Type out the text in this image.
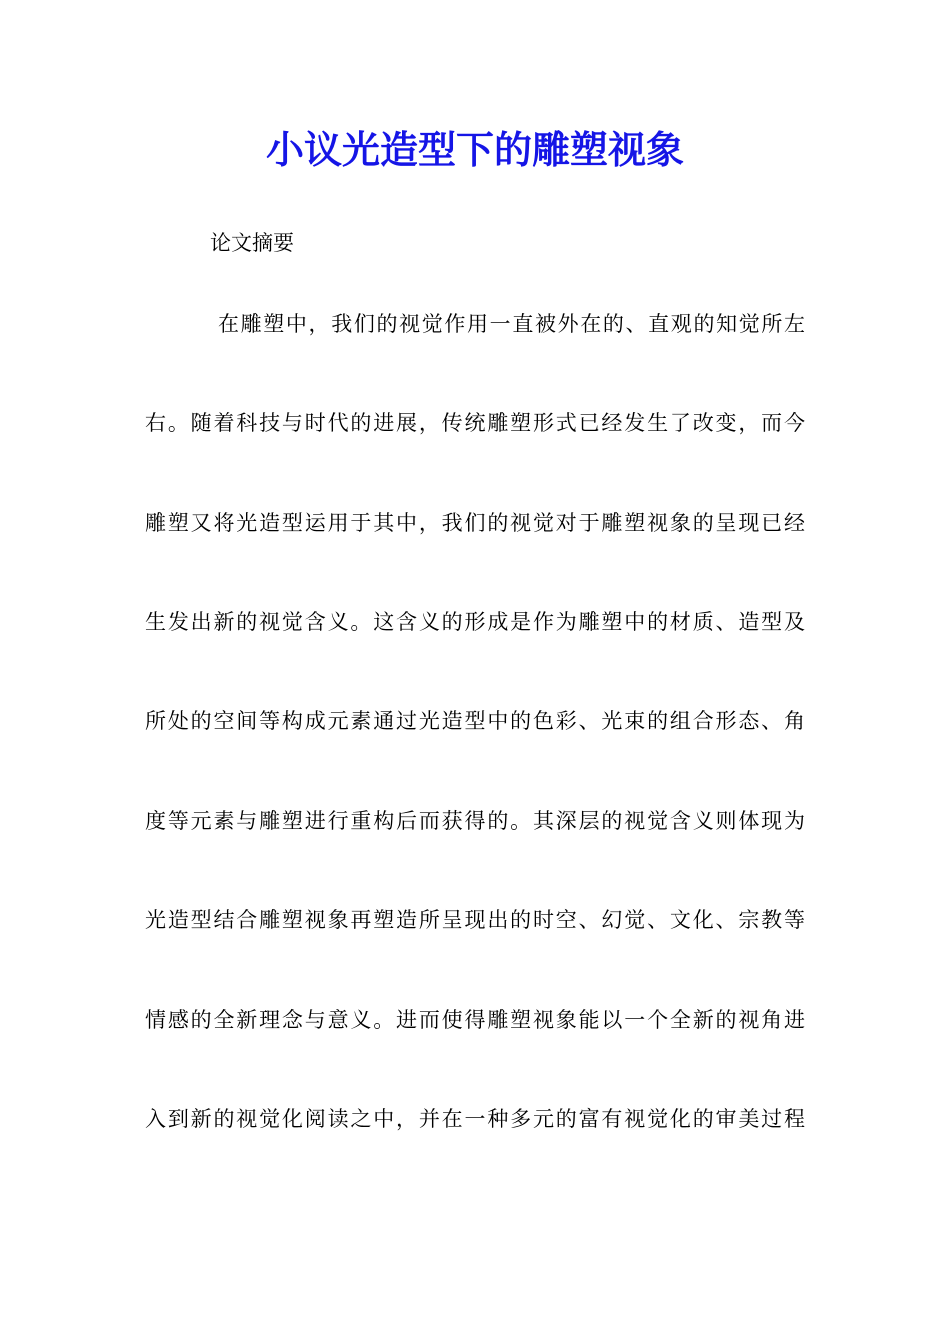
小议光造型下的雕塑视象

论文摘要

在雕塑中，我们的视觉作用一直被外在的、直观的知觉所左

右。随着科技与时代的进展，传统雕塑形式已经发生了改变，而今

雕塑又将光造型运用于其中，我们的视觉对于雕塑视象的呈现已经

生发出新的视觉含义。这含义的形成是作为雕塑中的材质、造型及

所处的空间等构成元素通过光造型中的色彩、光束的组合形态、角

度等元素与雕塑进行重构后而获得的。其深层的视觉含义则体现为

光造型结合雕塑视象再塑造所呈现出的时空、幻觉、文化、宗教等

情感的全新理念与意义。进而使得雕塑视象能以一个全新的视角进

入到新的视觉化阅读之中，并在一种多元的富有视觉化的审美过程
